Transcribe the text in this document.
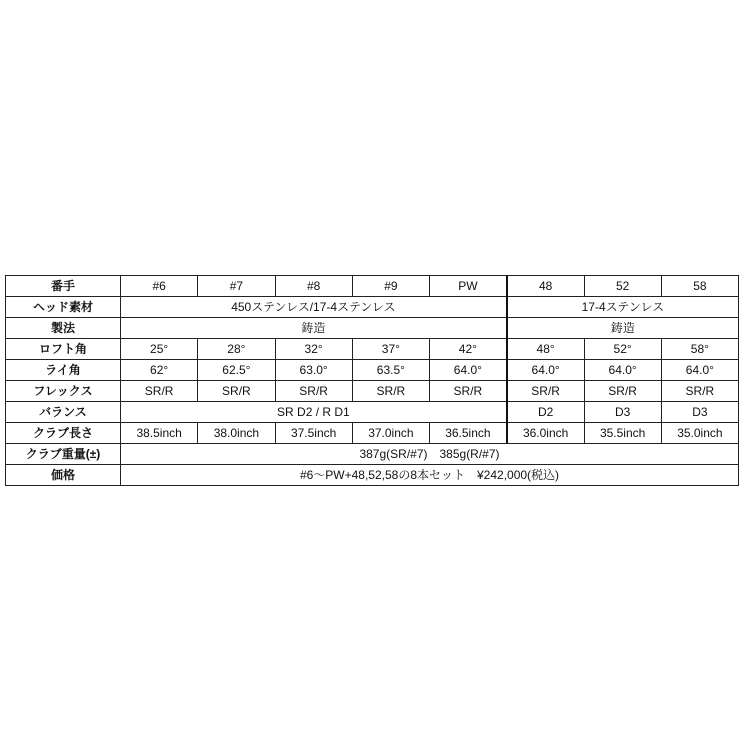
番手	#6	#7	#8	#9	PW	48	52	58
ヘッド素材	450ステンレス/17-4ステンレス					17-4ステンレス		
製法	鋳造					鋳造		
ロフト角	25°	28°	32°	37°	42°	48°	52°	58°
ライ角	62°	62.5°	63.0°	63.5°	64.0°	64.0°	64.0°	64.0°
フレックス	SR/R	SR/R	SR/R	SR/R	SR/R	SR/R	SR/R	SR/R
バランス	SR D2 / R D1					D2	D3	D3
クラブ長さ	38.5inch	38.0inch	37.5inch	37.0inch	36.5inch	36.0inch	35.5inch	35.0inch
クラブ重量(±)	387g(SR/#7)　385g(R/#7)							
価格	#6～PW+48,52,58の8本セット　¥242,000(税込)							
